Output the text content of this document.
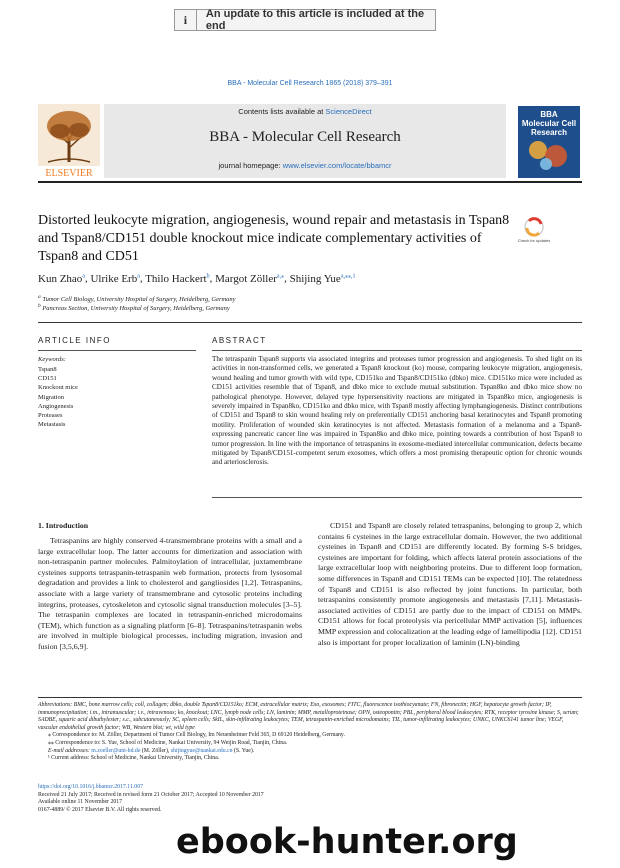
i	An update to this article is included at the end
BBA - Molecular Cell Research 1865 (2018) 379–391
ELSEVIER
Contents lists available at ScienceDirect
BBA - Molecular Cell Research
journal homepage: www.elsevier.com/locate/bbamcr
BBA Molecular Cell Research
Distorted leukocyte migration, angiogenesis, wound repair and metastasis in Tspan8 and Tspan8/CD151 double knockout mice indicate complementary activities of Tspan8 and CD51
Check for updates
Kun Zhao$^a$, Ulrike Erb$^a$, Thilo Hackert$^b$, Margot Zöller$^{a,⁎}$, Shijing Yue$^{a,⁎⁎,1}$
$^a$ Tumor Cell Biology, University Hospital of Surgery, Heidelberg, Germany
$^b$ Pancreas Section, University Hospital of Surgery, Heidelberg, Germany
ARTICLE INFO
Keywords:
Tspan8
CD151
Knockout mice
Migration
Angiogenesis
Proteases
Metastasis
ABSTRACT

The tetraspanin Tspan8 supports via associated integrins and proteases tumor progression and angiogenesis. To shed light on its activities in non-transformed cells, we generated a Tspan8 knockout (ko) mouse, comparing leukocyte migration, angiogenesis, wound healing and tumor growth with wild type, CD151ko and Tspan8/CD151ko (dbko) mice. CD151ko mice were included as CD151 activities resemble that of Tspan8, and dbko mice to exclude mutual substitution. Tspan8ko and dbko mice show no pathological phenotype. However, delayed type hypersensitivity reactions are mitigated in Tspan8ko mice, angiogenesis is severely impaired in Tspan8ko, CD151ko and dbko mice, with Tspan8 mostly affecting lymphangiogenesis. Distinct contributions of CD151 and Tspan8 to skin wound healing rely on preferentially CD151 anchoring basal keratinocytes and Tspan8 promoting motility. Proliferation of wounded skin keratinocytes is not affected. Metastasis formation of a melanoma and a Tspan8-expressing pancreatic cancer line was impaired in Tspan8ko and dbko mice, pointing towards a contribution of host Tspan8 to tumor progression. In line with the importance of tetraspanins in exosome-mediated intercellular communication, defects became mitigated by Tspan8/CD151-competent serum exosomes, which offers a most promising therapeutic option for chronic wounds and arteriosclerosis.

1. Introduction

Tetraspanins are highly conserved 4-transmembrane proteins with a small and a large extracellular loop. The latter accounts for dimerization and association with non-tetraspanin partner molecules. Palmitoylation of intracellular, juxtamembrane cysteines supports tetraspanin-tetraspanin web formation, protects from lysosomal degradation and provides a link to cholesterol and gangliosides [1,2]. Tetraspanins, associate with a large variety of transmembrane and cytosolic proteins including integrins, proteases, cytoskeleton and cytosolic signal transduction molecules [3–5]. The tetraspanin complexes are located in tetraspanin-enriched microdomains (TEM), which function as a signaling platform [6–8]. Tetraspanins/tetraspanin webs are involved in multiple biological processes, including migration, invasion and fusion [3,5,6,9].

CD151 and Tspan8 are closely related tetraspanins, belonging to group 2, which contains 6 cysteines in the large extracellular domain. However, the two additional cysteines in Tspan8 and CD151 are differently located. By forming S-S bridges, cysteines are important for folding, which affects lateral protein associations of the large extracellular loop with neighboring proteins. Due to different loop formation, some differences in Tspan8 and CD151 TEMs can be expected [10]. The relatedness of Tspan8 and CD151 is also reflected by joint functions. In particular, both tetraspanins consistently promote angiogenesis and metastasis [7,11]. Metastasis-associated activities of CD151 are partly due to the impact of CD151 on MMPs. CD151 allows for focal proteolysis via pericellular MMP activation [5], influences MMP expression and colocalization at the leading edge of lamellipodia [12]. CD151 also is important for proper localization of laminin (LN)-binding

Abbreviations: BMC, bone marrow cells; coll, collagen; dbko, double Tspan8/CD151ko; ECM, extracellular matrix; Exo, exosomes; FITC, fluorescence isothiocyanate; FN, fibronectin; HGF, hepatocyte growth factor; IP, immunoprecipitation; i.m., intramuscular; i.v., intravenous; ko, knockout; LNC, lymph node cells; LN, laminin; MMP, metalloproteinase; OPN, osteopontin; PBL, peripheral blood leukocytes; RTK, receptor tyrosine kinase; S, serum; SADBE, squaric acid dibuthylester; s.c., subcutaneously; SC, spleen cells; SkIL, skin-infiltrating leukocytes; TEM, tetraspanin-enriched microdomains; TIL, tumor-infiltrating leukocytes; UNKC, UNKC6141 tumor line; VEGF, vascular endothelial growth factor; WB, Western blot; wt, wild type

⁎ Correspondence to: M. Zöller, Department of Tumor Cell Biology, Im Neuenheimer Feld 365, D 69120 Heidelberg, Germany.

⁎⁎ Correspondence to: S. Yue, School of Medicine, Nankai University, 94 Weijin Road, Tianjin, China.

E-mail addresses: m.zoeller@uni-hd.de (M. Zöller), shijingyue@nankai.edu.cn (S. Yue).

¹ Current address: School of Medicine, Nankai University, Tianjin, China.

https://doi.org/10.1016/j.bbamcr.2017.11.007

Received 21 July 2017; Received in revised form 21 October 2017; Accepted 10 November 2017

Available online 11 November 2017

0167-4889/ © 2017 Elsevier B.V. All rights reserved.

ebook-hunter.org
